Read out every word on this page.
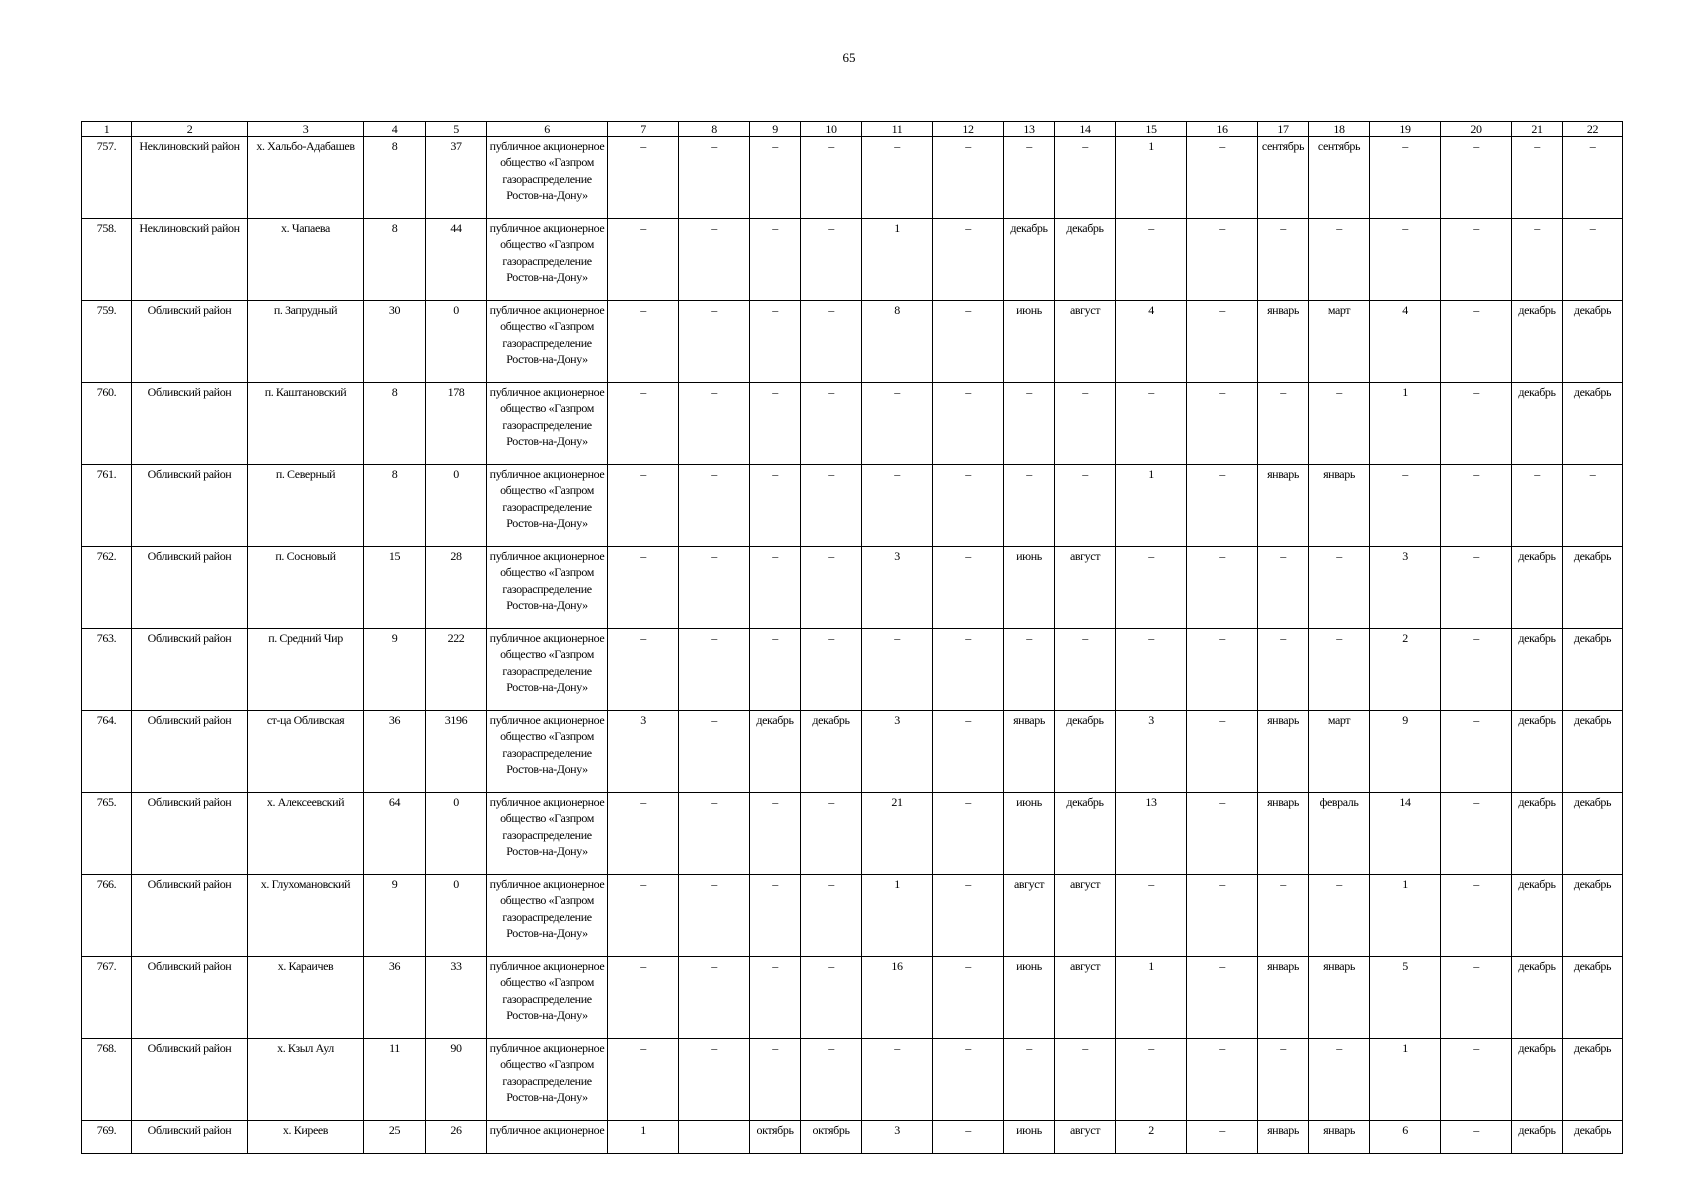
65
1	2	3	4	5	6	7	8	9	10	11	12	13	14	15	16	17	18	19	20	21	22
757.	Неклиновский район	х. Хальбо-Адабашев	8	37	публичное акционерное общество «Газпром газораспределение Ростов-на-Дону»	–	–	–	–	–	–	–	–	1	–	сентябрь	сентябрь	–	–	–	–
758.	Неклиновский район	х. Чапаева	8	44	публичное акционерное общество «Газпром газораспределение Ростов-на-Дону»	–	–	–	–	1	–	декабрь	декабрь	–	–	–	–	–	–	–	–
759.	Обливский район	п. Запрудный	30	0	публичное акционерное общество «Газпром газораспределение Ростов-на-Дону»	–	–	–	–	8	–	июнь	август	4	–	январь	март	4	–	декабрь	декабрь
760.	Обливский район	п. Каштановский	8	178	публичное акционерное общество «Газпром газораспределение Ростов-на-Дону»	–	–	–	–	–	–	–	–	–	–	–	–	1	–	декабрь	декабрь
761.	Обливский район	п. Северный	8	0	публичное акционерное общество «Газпром газораспределение Ростов-на-Дону»	–	–	–	–	–	–	–	–	1	–	январь	январь	–	–	–	–
762.	Обливский район	п. Сосновый	15	28	публичное акционерное общество «Газпром газораспределение Ростов-на-Дону»	–	–	–	–	3	–	июнь	август	–	–	–	–	3	–	декабрь	декабрь
763.	Обливский район	п. Средний Чир	9	222	публичное акционерное общество «Газпром газораспределение Ростов-на-Дону»	–	–	–	–	–	–	–	–	–	–	–	–	2	–	декабрь	декабрь
764.	Обливский район	ст-ца Обливская	36	3196	публичное акционерное общество «Газпром газораспределение Ростов-на-Дону»	3	–	декабрь	декабрь	3	–	январь	декабрь	3	–	январь	март	9	–	декабрь	декабрь
765.	Обливский район	х. Алексеевский	64	0	публичное акционерное общество «Газпром газораспределение Ростов-на-Дону»	–	–	–	–	21	–	июнь	декабрь	13	–	январь	февраль	14	–	декабрь	декабрь
766.	Обливский район	х. Глухомановский	9	0	публичное акционерное общество «Газпром газораспределение Ростов-на-Дону»	–	–	–	–	1	–	август	август	–	–	–	–	1	–	декабрь	декабрь
767.	Обливский район	х. Караичев	36	33	публичное акционерное общество «Газпром газораспределение Ростов-на-Дону»	–	–	–	–	16	–	июнь	август	1	–	январь	январь	5	–	декабрь	декабрь
768.	Обливский район	х. Кзыл Аул	11	90	публичное акционерное общество «Газпром газораспределение Ростов-на-Дону»	–	–	–	–	–	–	–	–	–	–	–	–	1	–	декабрь	декабрь
769.	Обливский район	х. Киреев	25	26	публичное акционерное	1		октябрь	октябрь	3	–	июнь	август	2	–	январь	январь	6	–	декабрь	декабрь
